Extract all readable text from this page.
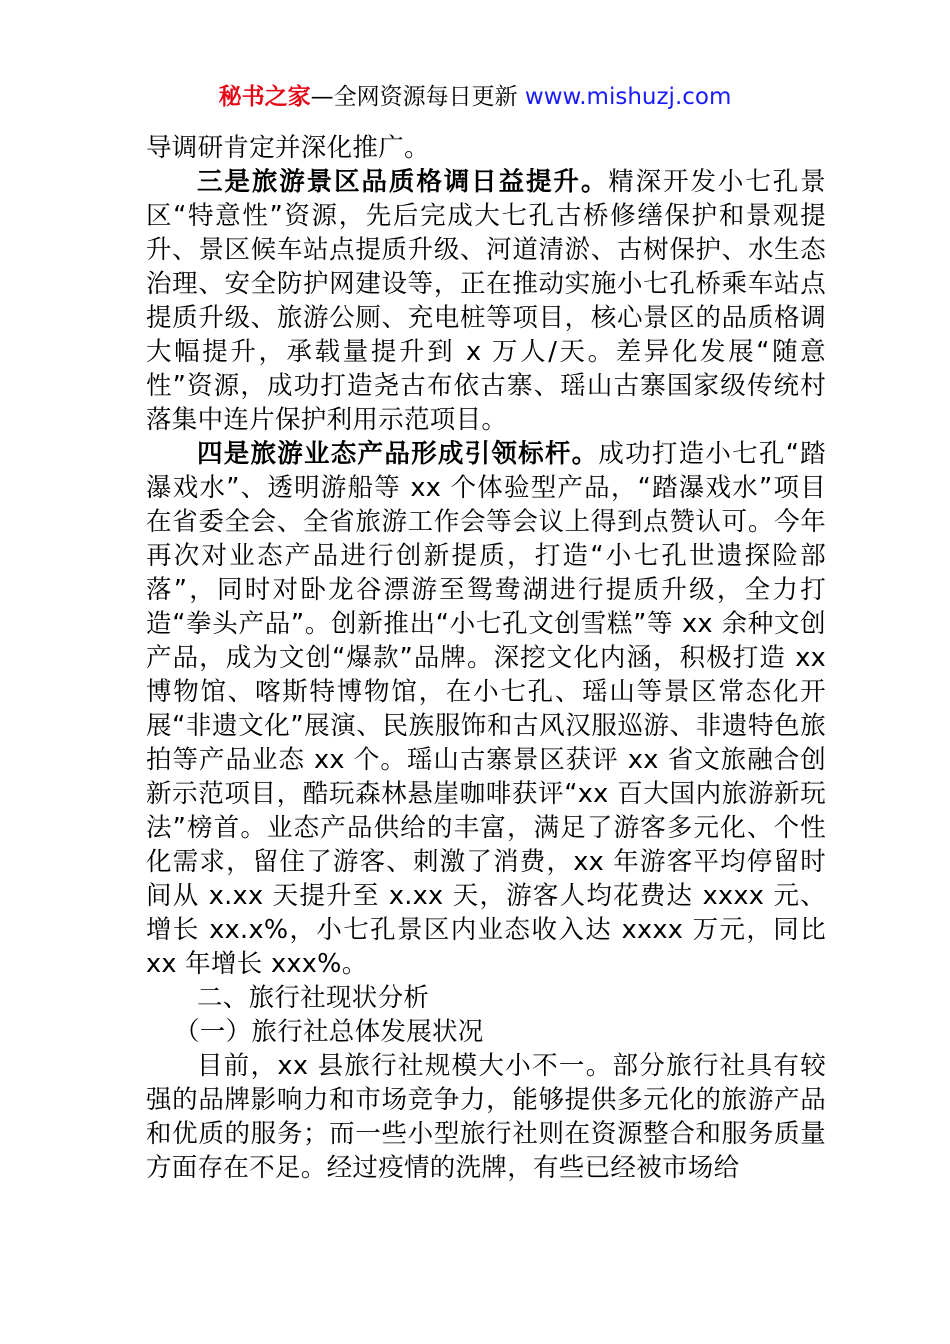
秘书之家—全网资源每日更新 www.mishuzj.com

导调研肯定并深化推广。

三是旅游景区品质格调日益提升。精深开发小七孔景区“特意性”资源，先后完成大七孔古桥修缮保护和景观提升、景区候车站点提质升级、河道清淤、古树保护、水生态治理、安全防护网建设等，正在推动实施小七孔桥乘车站点提质升级、旅游公厕、充电桩等项目，核心景区的品质格调大幅提升，承载量提升到 x 万人/天。差异化发展“随意性”资源，成功打造尧古布依古寨、瑶山古寨国家级传统村落集中连片保护利用示范项目。

四是旅游业态产品形成引领标杆。成功打造小七孔“踏瀑戏水”、透明游船等 xx 个体验型产品，“踏瀑戏水”项目在省委全会、全省旅游工作会等会议上得到点赞认可。今年再次对业态产品进行创新提质，打造“小七孔世遗探险部落”，同时对卧龙谷漂游至鸳鸯湖进行提质升级，全力打造“拳头产品”。创新推出“小七孔文创雪糕”等 xx 余种文创产品，成为文创“爆款”品牌。深挖文化内涵，积极打造 xx 博物馆、喀斯特博物馆，在小七孔、瑶山等景区常态化开展“非遗文化”展演、民族服饰和古风汉服巡游、非遗特色旅拍等产品业态 xx 个。瑶山古寨景区获评 xx 省文旅融合创新示范项目，酷玩森林悬崖咖啡获评“xx 百大国内旅游新玩法”榜首。业态产品供给的丰富，满足了游客多元化、个性化需求，留住了游客、刺激了消费，xx 年游客平均停留时间从 x.xx 天提升至 x.xx 天，游客人均花费达 xxxx 元、增长 xx.x%，小七孔景区内业态收入达 xxxx 万元，同比 xx 年增长 xxx%。

二、旅行社现状分析

（一）旅行社总体发展状况

目前，xx 县旅行社规模大小不一。部分旅行社具有较强的品牌影响力和市场竞争力，能够提供多元化的旅游产品和优质的服务；而一些小型旅行社则在资源整合和服务质量方面存在不足。经过疫情的洗牌，有些已经被市场给
